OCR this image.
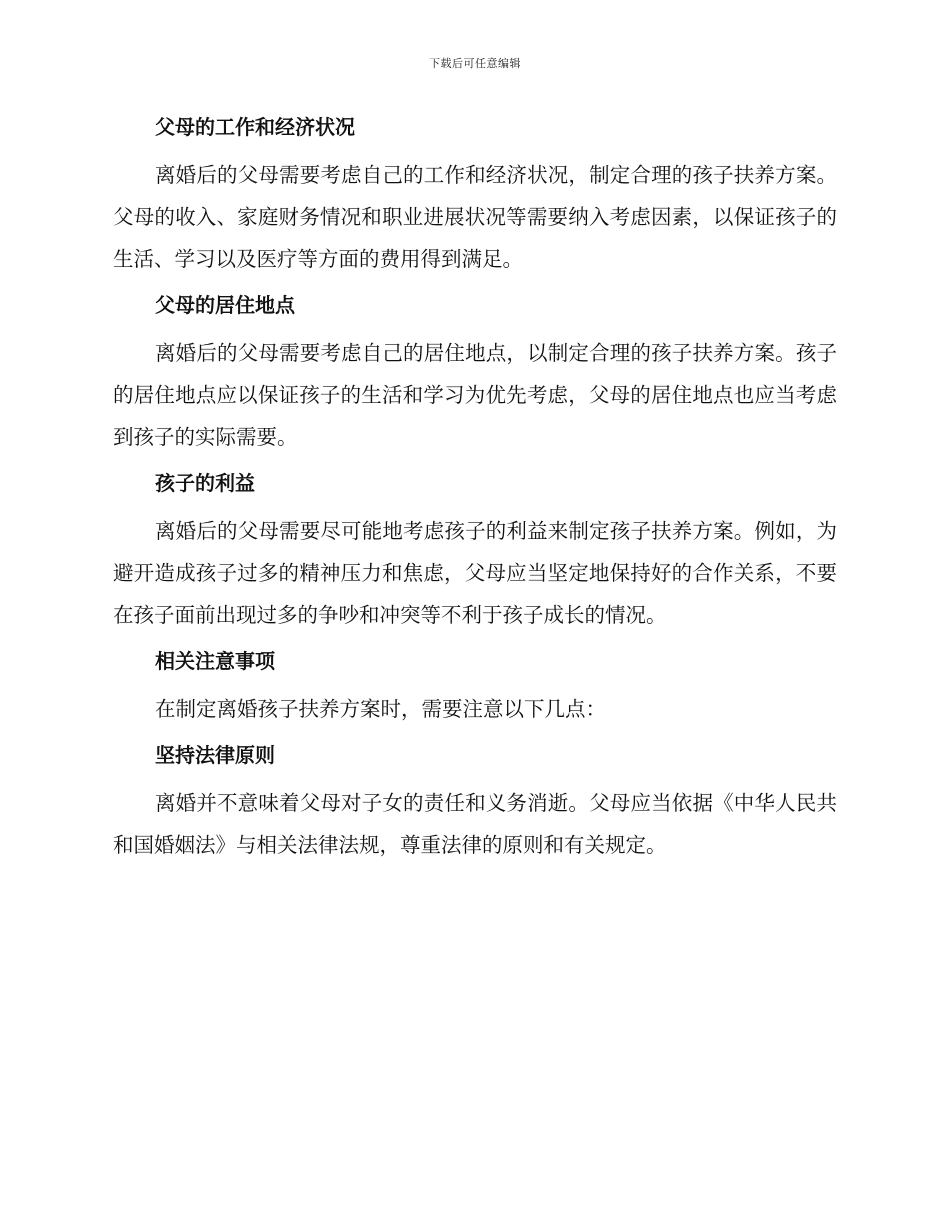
下载后可任意编辑
父母的工作和经济状况

离婚后的父母需要考虑自己的工作和经济状况，制定合理的孩子扶养方案。父母的收入、家庭财务情况和职业进展状况等需要纳入考虑因素，以保证孩子的生活、学习以及医疗等方面的费用得到满足。

父母的居住地点

离婚后的父母需要考虑自己的居住地点，以制定合理的孩子扶养方案。孩子的居住地点应以保证孩子的生活和学习为优先考虑，父母的居住地点也应当考虑到孩子的实际需要。

孩子的利益

离婚后的父母需要尽可能地考虑孩子的利益来制定孩子扶养方案。例如，为避开造成孩子过多的精神压力和焦虑，父母应当坚定地保持好的合作关系，不要在孩子面前出现过多的争吵和冲突等不利于孩子成长的情况。

相关注意事项

在制定离婚孩子扶养方案时，需要注意以下几点：

坚持法律原则

离婚并不意味着父母对子女的责任和义务消逝。父母应当依据《中华人民共和国婚姻法》与相关法律法规，尊重法律的原则和有关规定。
